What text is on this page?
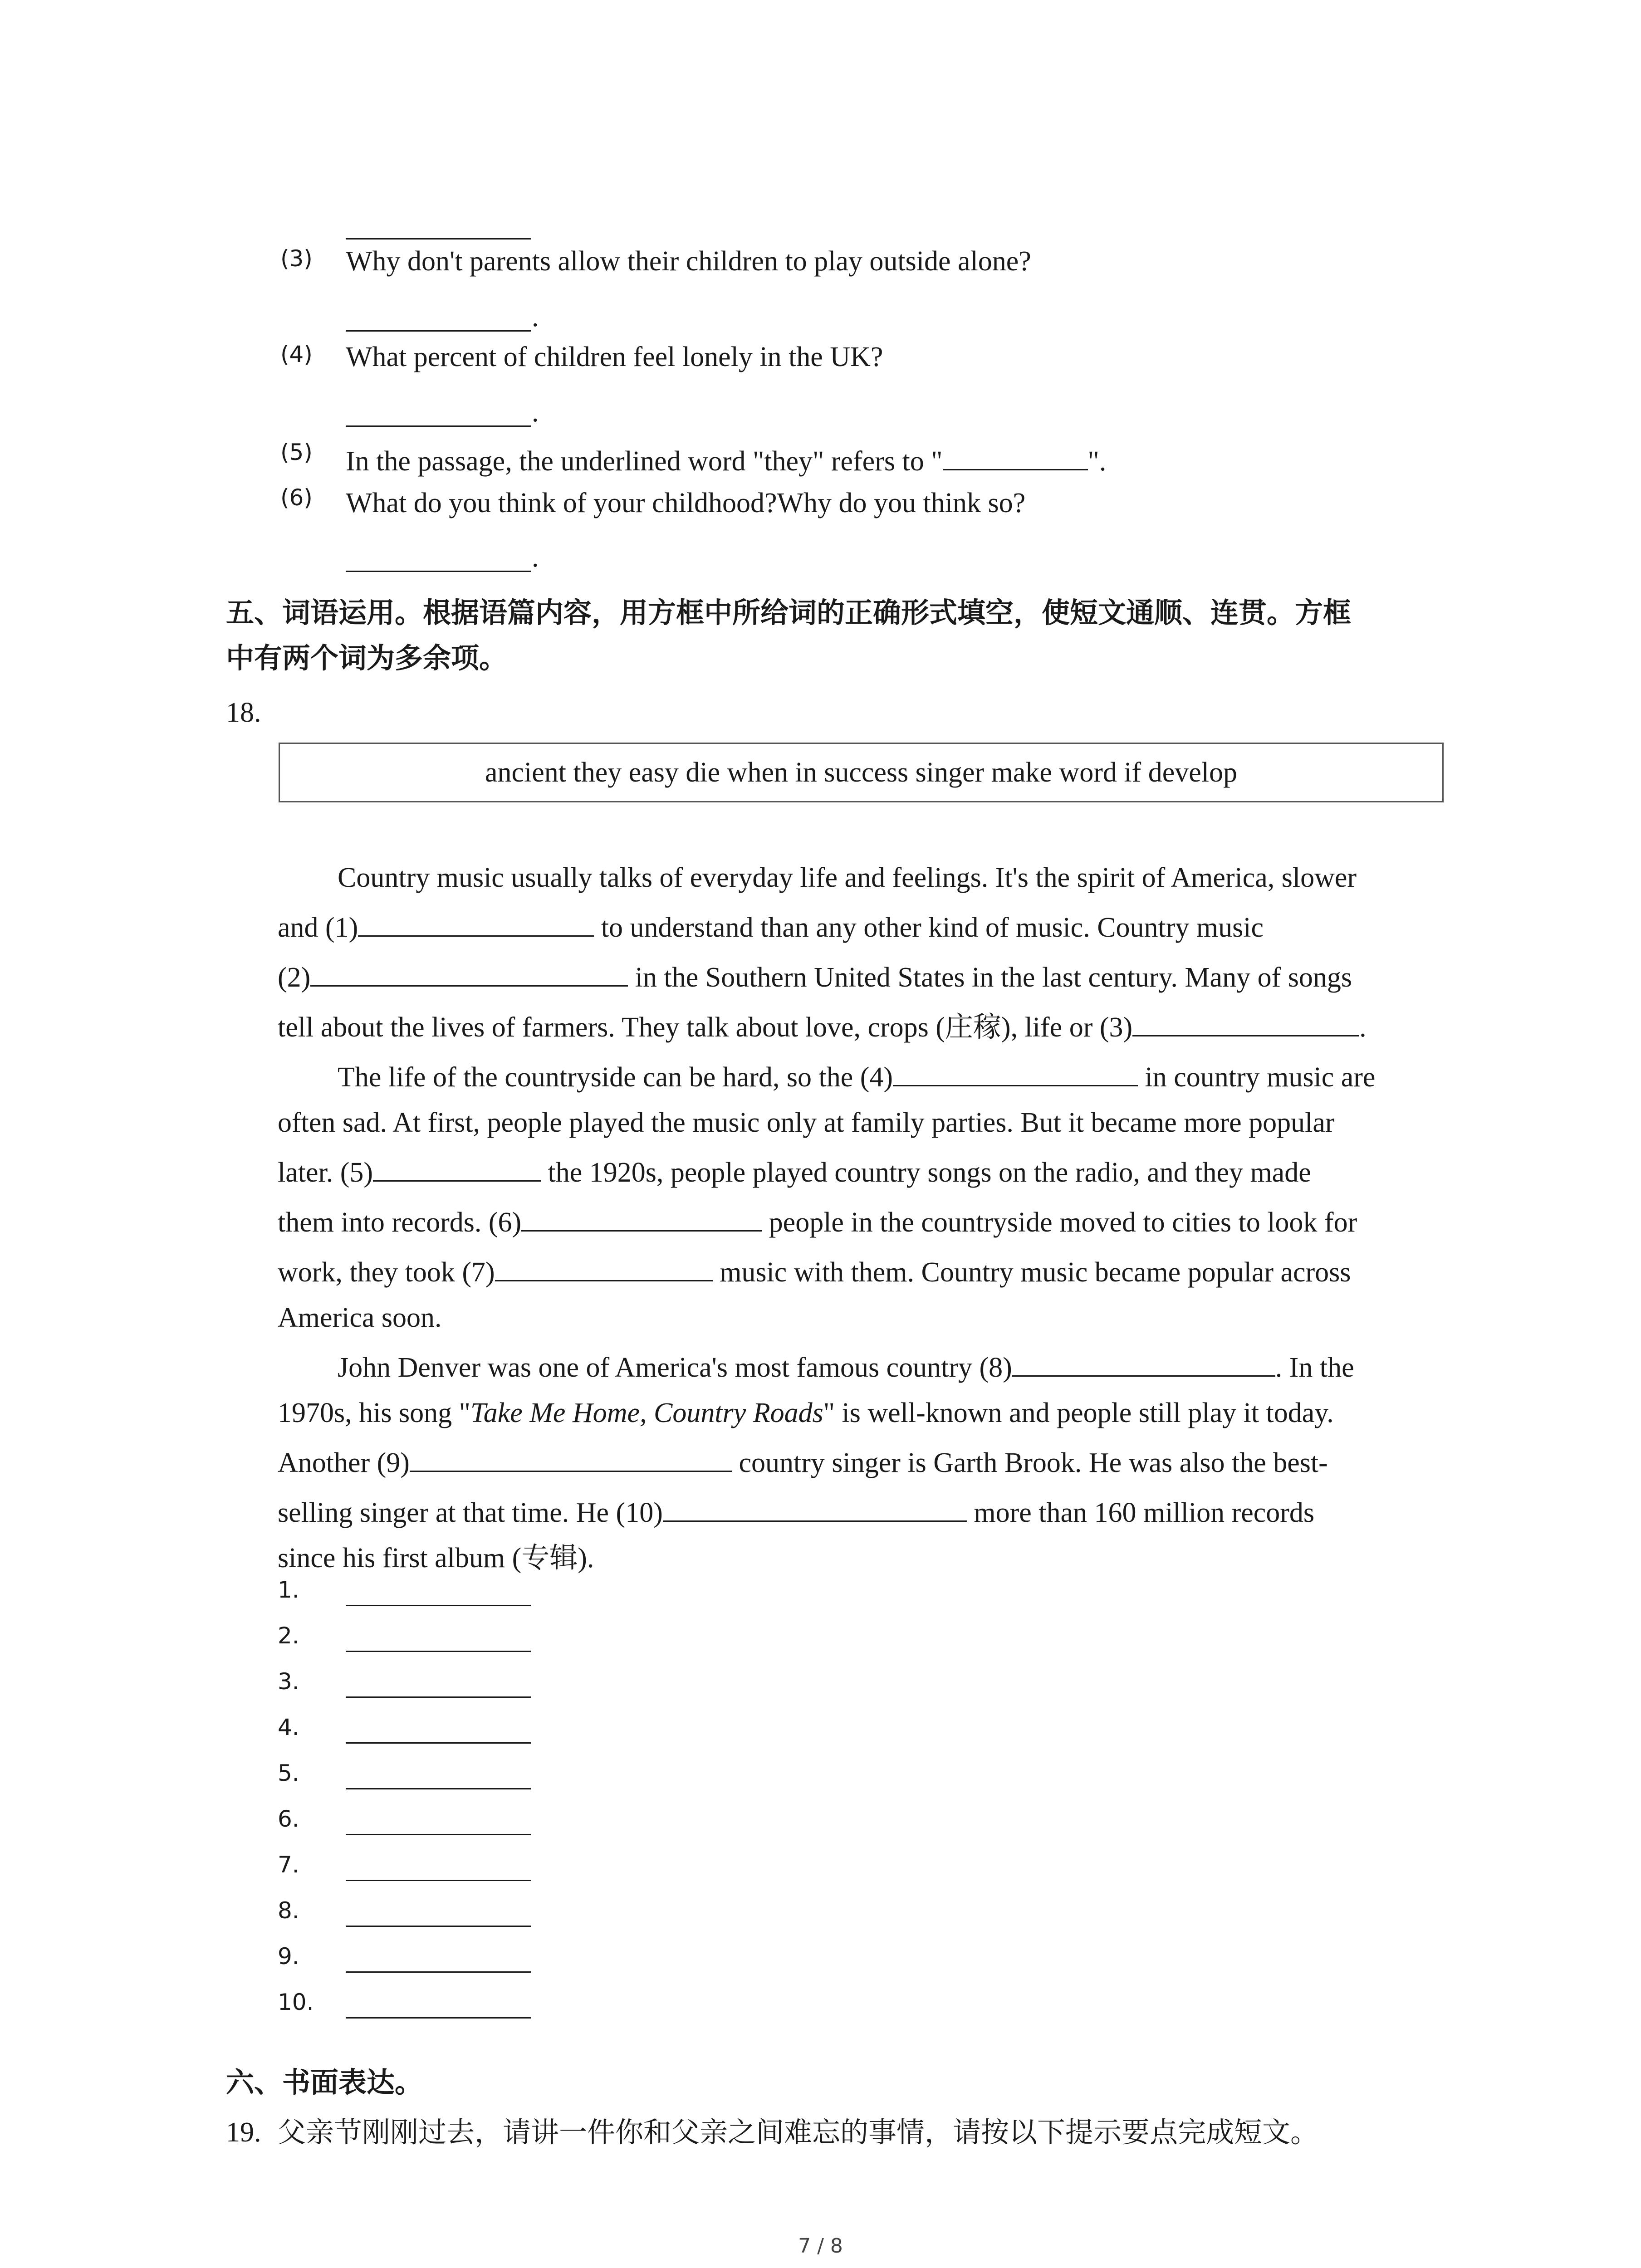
(3) Why don't parents allow their children to play outside alone?
.
(4) What percent of children feel lonely in the UK?
.
(5) In the passage, the underlined word "they" refers to "	".
(6) What do you think of your childhood?Why do you think so?
.
五、词语运用。根据语篇内容，用方框中所给词的正确形式填空，使短文通顺、连贯。方框
中有两个词为多余项。
18.
ancient they easy die when in success singer make word if develop
Country music usually talks of everyday life and feelings. It's the spirit of America, slower
and (1)	to understand than any other kind of music. Country music
(2)	in the Southern United States in the last century. Many of songs
tell about the lives of farmers. They talk about love, crops (庄稼), life or (3)	.
The life of the countryside can be hard, so the (4)	in country music are
often sad. At first, people played the music only at family parties. But it became more popular
later. (5)	the 1920s, people played country songs on the radio, and they made
them into records. (6)	people in the countryside moved to cities to look for
work, they took (7)	music with them. Country music became popular across
America soon.
John Denver was one of America's most famous country (8)	. In the
1970s, his song "Take Me Home, Country Roads" is well-known and people still play it today.
Another (9)	country singer is Garth Brook. He was also the best-
selling singer at that time. He (10)	more than 160 million records
since his first album (专辑).
1.
2.
3.
4.
5.
6.
7.
8.
9.
10.
六、书面表达。
19. 父亲节刚刚过去，请讲一件你和父亲之间难忘的事情，请按以下提示要点完成短文。
7 / 8
